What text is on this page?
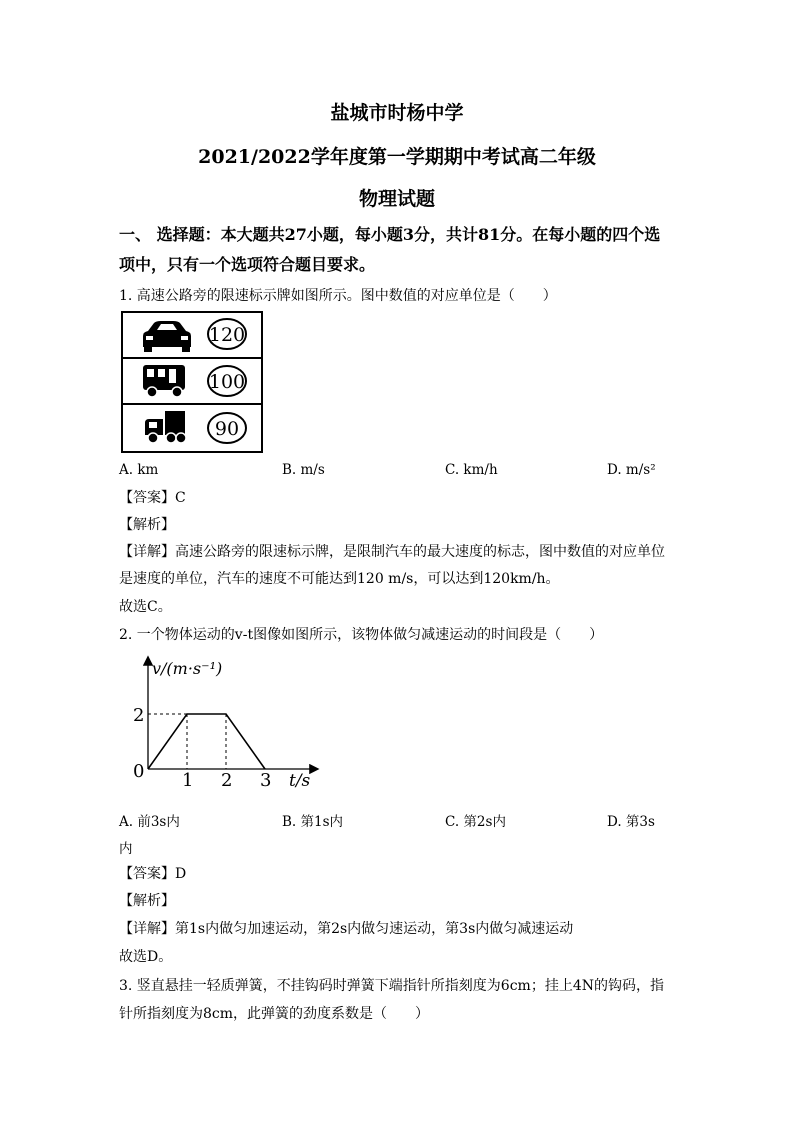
盐城市时杨中学
2021/2022学年度第一学期期中考试高二年级
物理试题
一、 选择题：本大题共27小题，每小题3分，共计81分。在每小题的四个选
项中，只有一个选项符合题目要求。
1. 高速公路旁的限速标示牌如图所示。图中数值的对应单位是（　　）
120
100
90
A. km	B. m/s	C. km/h	D. m/s²
【答案】C
【解析】
【详解】高速公路旁的限速标示牌，是限制汽车的最大速度的标志，图中数值的对应单位
是速度的单位，汽车的速度不可能达到120 m/s，可以达到120km/h。
故选C。
2. 一个物体运动的v-t图像如图所示，该物体做匀减速运动的时间段是（　　）
0 1 2 3
2
t/s
v/(m·s⁻¹)
A. 前3s内	B. 第1s内	C. 第2s内	D. 第3s
内
【答案】D
【解析】
【详解】第1s内做匀加速运动，第2s内做匀速运动，第3s内做匀减速运动
故选D。
3. 竖直悬挂一轻质弹簧，不挂钩码时弹簧下端指针所指刻度为6cm；挂上4N的钩码，指
针所指刻度为8cm，此弹簧的劲度系数是（　　）
